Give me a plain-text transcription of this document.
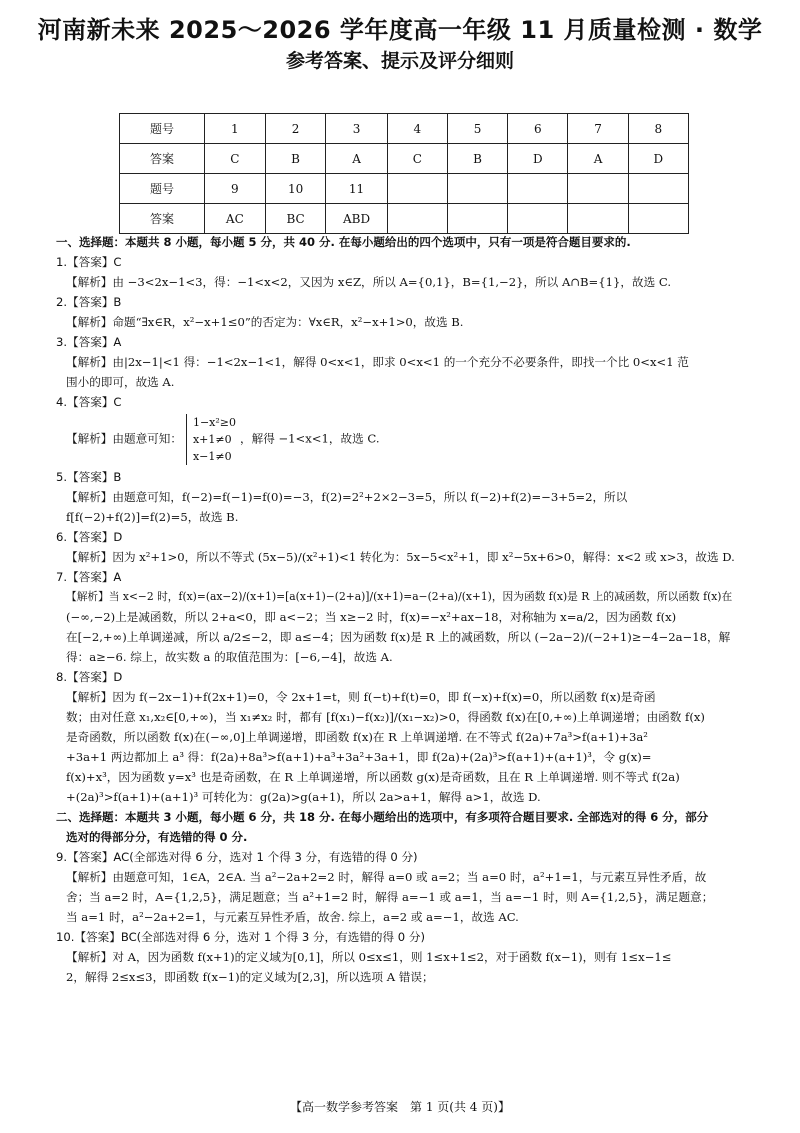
河南新未来 2025～2026 学年度高一年级 11 月质量检测 · 数学
参考答案、提示及评分细则
题号	1	2	3	4	5	6	7	8
答案	C	B	A	C	B	D	A	D
题号	9	10	11					
答案	AC	BC	ABD					
一、选择题：本题共 8 小题，每小题 5 分，共 40 分. 在每小题给出的四个选项中，只有一项是符合题目要求的.
1.【答案】C
【解析】由 −3<2x−1<3，得：−1<x<2，又因为 x∈Z，所以 A={0,1}，B={1,−2}，所以 A∩B={1}，故选 C.
2.【答案】B
【解析】命题“∃x∈R，x²−x+1≤0”的否定为：∀x∈R，x²−x+1>0，故选 B.
3.【答案】A
【解析】由|2x−1|<1 得：−1<2x−1<1，解得 0<x<1，即求 0<x<1 的一个充分不必要条件，即找一个比 0<x<1 范
围小的即可，故选 A.
4.【答案】C
【解析】由题意可知：1−x²≥0
x+1≠0
x−1≠0，解得 −1<x<1，故选 C.
5.【答案】B
【解析】由题意可知，f(−2)=f(−1)=f(0)=−3，f(2)=2²+2×2−3=5，所以 f(−2)+f(2)=−3+5=2，所以
f[f(−2)+f(2)]=f(2)=5，故选 B.
6.【答案】D
【解析】因为 x²+1>0，所以不等式 (5x−5)/(x²+1)<1 转化为：5x−5<x²+1，即 x²−5x+6>0，解得：x<2 或 x>3，故选 D.
7.【答案】A
【解析】当 x<−2 时，f(x)=(ax−2)/(x+1)=[a(x+1)−(2+a)]/(x+1)=a−(2+a)/(x+1)，因为函数 f(x)是 R 上的减函数，所以函数 f(x)在
(−∞,−2)上是减函数，所以 2+a<0，即 a<−2；当 x≥−2 时，f(x)=−x²+ax−18，对称轴为 x=a/2，因为函数 f(x)
在[−2,+∞)上单调递减，所以 a/2≤−2，即 a≤−4；因为函数 f(x)是 R 上的减函数，所以 (−2a−2)/(−2+1)≥−4−2a−18，解
得：a≥−6. 综上，故实数 a 的取值范围为：[−6,−4]，故选 A.
8.【答案】D
【解析】因为 f(−2x−1)+f(2x+1)=0，令 2x+1=t，则 f(−t)+f(t)=0，即 f(−x)+f(x)=0，所以函数 f(x)是奇函
数；由对任意 x₁,x₂∈[0,+∞)，当 x₁≠x₂ 时，都有 [f(x₁)−f(x₂)]/(x₁−x₂)>0，得函数 f(x)在[0,+∞)上单调递增；由函数 f(x)
是奇函数，所以函数 f(x)在(−∞,0]上单调递增，即函数 f(x)在 R 上单调递增. 在不等式 f(2a)+7a³>f(a+1)+3a²
+3a+1 两边都加上 a³ 得：f(2a)+8a³>f(a+1)+a³+3a²+3a+1，即 f(2a)+(2a)³>f(a+1)+(a+1)³，令 g(x)=
f(x)+x³，因为函数 y=x³ 也是奇函数，在 R 上单调递增，所以函数 g(x)是奇函数，且在 R 上单调递增. 则不等式 f(2a)
+(2a)³>f(a+1)+(a+1)³ 可转化为：g(2a)>g(a+1)，所以 2a>a+1，解得 a>1，故选 D.
二、选择题：本题共 3 小题，每小题 6 分，共 18 分. 在每小题给出的选项中，有多项符合题目要求. 全部选对的得 6 分，部分
选对的得部分分，有选错的得 0 分.
9.【答案】AC(全部选对得 6 分，选对 1 个得 3 分，有选错的得 0 分)
【解析】由题意可知，1∈A，2∈A. 当 a²−2a+2=2 时，解得 a=0 或 a=2；当 a=0 时，a²+1=1，与元素互异性矛盾，故
舍；当 a=2 时，A={1,2,5}，满足题意；当 a²+1=2 时，解得 a=−1 或 a=1，当 a=−1 时，则 A={1,2,5}，满足题意；
当 a=1 时，a²−2a+2=1，与元素互异性矛盾，故舍. 综上，a=2 或 a=−1，故选 AC.
10.【答案】BC(全部选对得 6 分，选对 1 个得 3 分，有选错的得 0 分)
【解析】对 A，因为函数 f(x+1)的定义域为[0,1]，所以 0≤x≤1，则 1≤x+1≤2，对于函数 f(x−1)，则有 1≤x−1≤
2，解得 2≤x≤3，即函数 f(x−1)的定义域为[2,3]，所以选项 A 错误；
【高一数学参考答案　第 1 页(共 4 页)】
